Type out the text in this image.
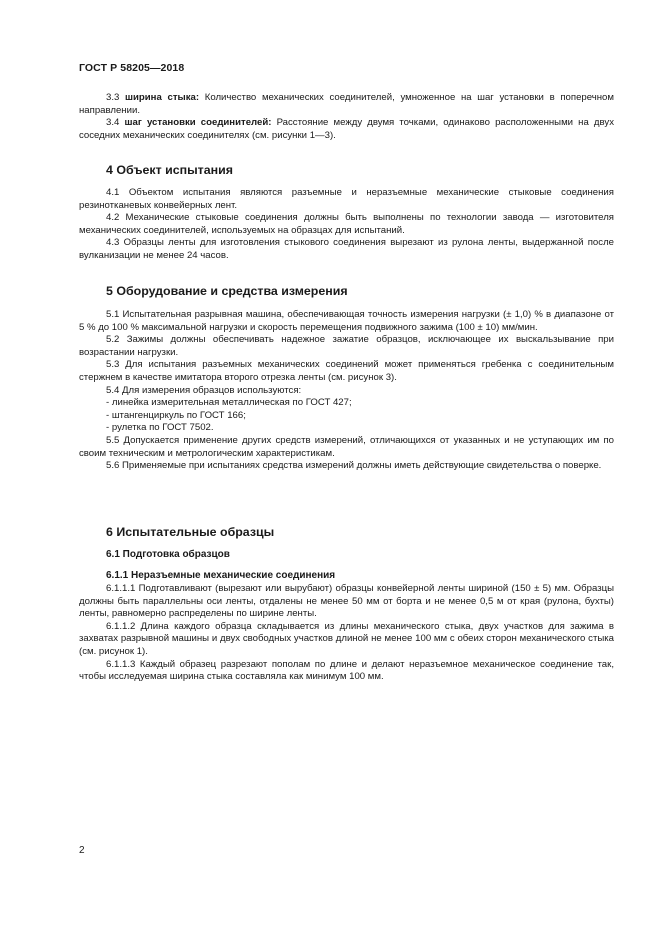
ГОСТ Р 58205—2018

3.3 ширина стыка: Количество механических соединителей, умноженное на шаг установки в поперечном направлении.

3.4 шаг установки соединителей: Расстояние между двумя точками, одинаково расположенными на двух соседних механических соединителях (см. рисунки 1—3).

4 Объект испытания

4.1 Объектом испытания являются разъемные и неразъемные механические стыковые соединения резинотканевых конвейерных лент.

4.2 Механические стыковые соединения должны быть выполнены по технологии завода — изготовителя механических соединителей, используемых на образцах для испытаний.

4.3 Образцы ленты для изготовления стыкового соединения вырезают из рулона ленты, выдержанной после вулканизации не менее 24 часов.

5 Оборудование и средства измерения

5.1 Испытательная разрывная машина, обеспечивающая точность измерения нагрузки (± 1,0) % в диапазоне от 5 % до 100 % максимальной нагрузки и скорость перемещения подвижного зажима (100 ± 10) мм/мин.

5.2 Зажимы должны обеспечивать надежное зажатие образцов, исключающее их выскальзывание при возрастании нагрузки.

5.3 Для испытания разъемных механических соединений может применяться гребенка с соединительным стержнем в качестве имитатора второго отрезка ленты (см. рисунок 3).

5.4 Для измерения образцов используются:

- линейка измерительная металлическая по ГОСТ 427;

- штангенциркуль по ГОСТ 166;

- рулетка по ГОСТ 7502.

5.5 Допускается применение других средств измерений, отличающихся от указанных и не уступающих им по своим техническим и метрологическим характеристикам.

5.6 Применяемые при испытаниях средства измерений должны иметь действующие свидетельства о поверке.

6 Испытательные образцы
6.1 Подготовка образцов
6.1.1 Неразъемные механические соединения

6.1.1.1 Подготавливают (вырезают или вырубают) образцы конвейерной ленты шириной (150 ± 5) мм. Образцы должны быть параллельны оси ленты, отдалены не менее 50 мм от борта и не менее 0,5 м от края (рулона, бухты) ленты, равномерно распределены по ширине ленты.

6.1.1.2 Длина каждого образца складывается из длины механического стыка, двух участков для зажима в захватах разрывной машины и двух свободных участков длиной не менее 100 мм с обеих сторон механического стыка (см. рисунок 1).

6.1.1.3 Каждый образец разрезают пополам по длине и делают неразъемное механическое соединение так, чтобы исследуемая ширина стыка составляла как минимум 100 мм.

2
